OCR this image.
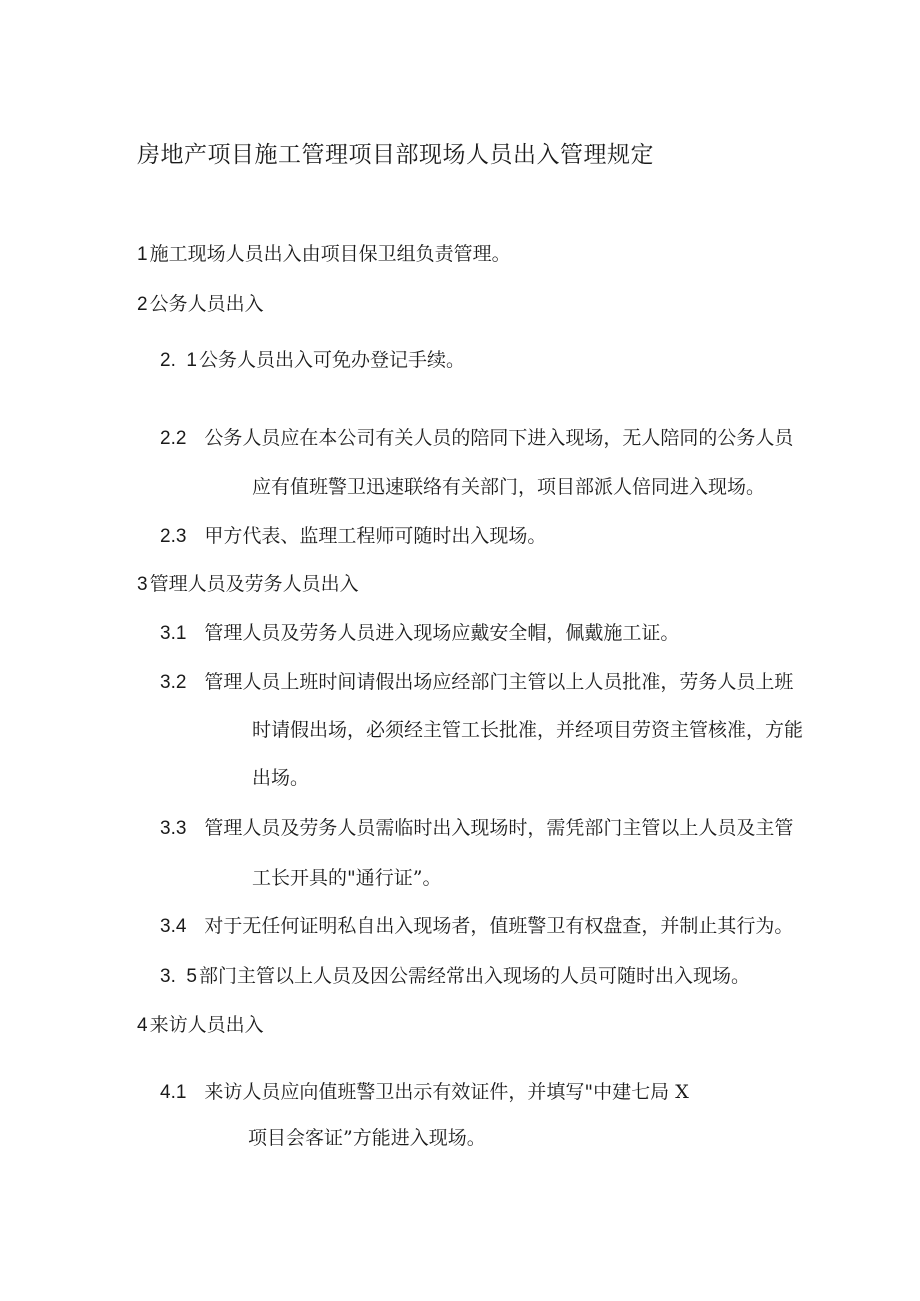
房地产项目施工管理项目部现场人员出入管理规定
1 施工现场人员出入由项目保卫组负责管理。
2 公务人员出入
2.  1 公务人员出入可免办登记手续。
2.2 公务人员应在本公司有关人员的陪同下进入现场，无人陪同的公务人员
应有值班警卫迅速联络有关部门，项目部派人倍同进入现场。
2.3 甲方代表、监理工程师可随时出入现场。
3 管理人员及劳务人员出入
3.1 管理人员及劳务人员进入现场应戴安全帽，佩戴施工证。
3.2 管理人员上班时间请假出场应经部门主管以上人员批准，劳务人员上班
时请假出场，必须经主管工长批准，并经项目劳资主管核准，方能
出场。
3.3 管理人员及劳务人员需临时出入现场时，需凭部门主管以上人员及主管
工长开具的"通行证”。
3.4 对于无任何证明私自出入现场者，值班警卫有权盘查，并制止其行为。
3.  5 部门主管以上人员及因公需经常出入现场的人员可随时出入现场。
4 来访人员出入
4.1 来访人员应向值班警卫出示有效证件，并填写"中建七局 X
项目会客证”方能进入现场。
